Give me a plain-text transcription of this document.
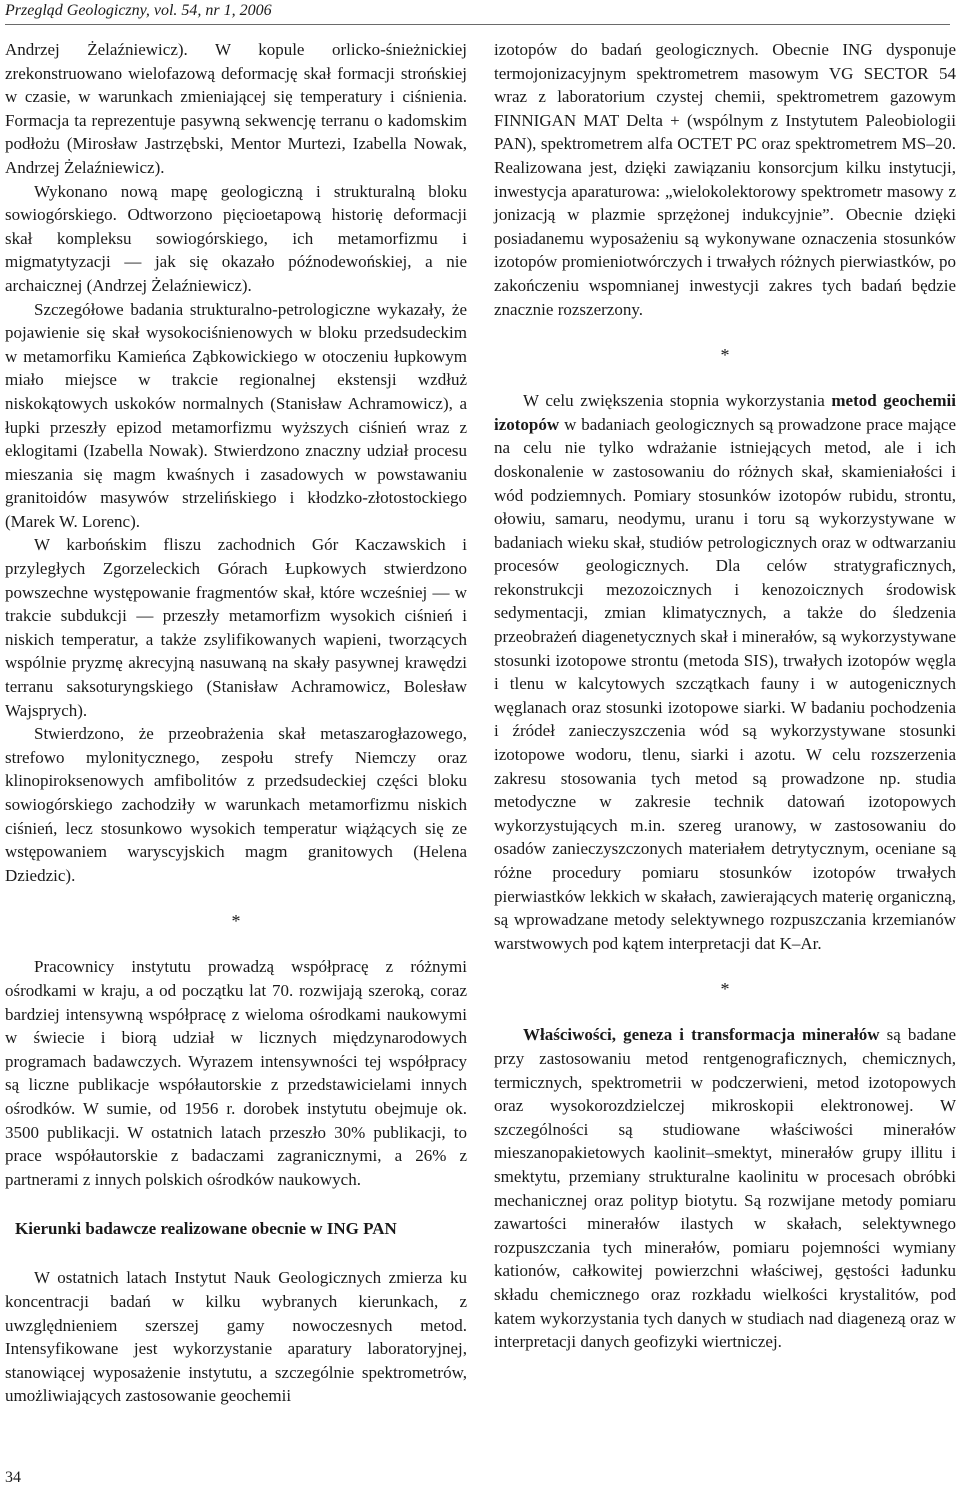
Przegląd Geologiczny, vol. 54, nr 1, 2006

Andrzej Żelaźniewicz). W kopule orlicko-śnieżnickiej zrekonstruowano wielofazową deformację skał formacji strońskiej w czasie, w warunkach zmieniającej się temperatury i ciśnienia. Formacja ta reprezentuje pasywną sekwencję terranu o kadomskim podłożu (Mirosław Jastrzębski, Mentor Murtezi, Izabella Nowak, Andrzej Żelaźniewicz).

Wykonano nową mapę geologiczną i strukturalną bloku sowiogórskiego. Odtworzono pięcioetapową historię deformacji skał kompleksu sowiogórskiego, ich metamorfizmu i migmatytyzacji — jak się okazało późnodewońskiej, a nie archaicznej (Andrzej Żelaźniewicz).

Szczegółowe badania strukturalno-petrologiczne wykazały, że pojawienie się skał wysokociśnienowych w bloku przedsudeckim w metamorfiku Kamieńca Ząbkowickiego w otoczeniu łupkowym miało miejsce w trakcie regionalnej ekstensji wzdłuż niskokątowych uskoków normalnych (Stanisław Achramowicz), a łupki przeszły epizod metamorfizmu wyższych ciśnień wraz z eklogitami (Izabella Nowak). Stwierdzono znaczny udział procesu mieszania się magm kwaśnych i zasadowych w powstawaniu granitoidów masywów strzelińskiego i kłodzko-złotostockiego (Marek W. Lorenc).

W karbońskim fliszu zachodnich Gór Kaczawskich i przyległych Zgorzeleckich Górach Łupkowych stwierdzono powszechne występowanie fragmentów skał, które wcześniej — w trakcie subdukcji — przeszły metamorfizm wysokich ciśnień i niskich temperatur, a także zsylifikowanych wapieni, tworzących wspólnie pryzmę akrecyjną nasuwaną na skały pasywnej krawędzi terranu saksoturyngskiego (Stanisław Achramowicz, Bolesław Wajsprych).

Stwierdzono, że przeobrażenia skał metaszarogłazowego, strefowo mylonitycznego, zespołu strefy Niemczy oraz klinopiroksenowych amfibolitów z przedsudeckiej części bloku sowiogórskiego zachodziły w warunkach metamorfizmu niskich ciśnień, lecz stosunkowo wysokich temperatur wiążących się ze wstępowaniem waryscyjskich magm granitowych (Helena Dziedzic).

*

Pracownicy instytutu prowadzą współpracę z różnymi ośrodkami w kraju, a od początku lat 70. rozwijają szeroką, coraz bardziej intensywną współpracę z wieloma ośrodkami naukowymi w świecie i biorą udział w licznych międzynarodowych programach badawczych. Wyrazem intensywności tej współpracy są liczne publikacje współautorskie z przedstawicielami innych ośrodków. W sumie, od 1956 r. dorobek instytutu obejmuje ok. 3500 publikacji. W ostatnich latach przeszło 30% publikacji, to prace współautorskie z badaczami zagranicznymi, a 26% z partnerami z innych polskich ośrodków naukowych.

Kierunki badawcze realizowane obecnie w ING PAN

W ostatnich latach Instytut Nauk Geologicznych zmierza ku koncentracji badań w kilku wybranych kierunkach, z uwzględnieniem szerszej gamy nowoczesnych metod. Intensyfikowane jest wykorzystanie aparatury laboratoryjnej, stanowiącej wyposażenie instytutu, a szczególnie spektrometrów, umożliwiających zastosowanie geochemii

izotopów do badań geologicznych. Obecnie ING dysponuje termojonizacyjnym spektrometrem masowym VG SECTOR 54 wraz z laboratorium czystej chemii, spektrometrem gazowym FINNIGAN MAT Delta + (wspólnym z Instytutem Paleobiologii PAN), spektrometrem alfa OCTET PC oraz spektrometrem MS–20. Realizowana jest, dzięki zawiązaniu konsorcjum kilku instytucji, inwestycja aparaturowa: „wielokolektorowy spektrometr masowy z jonizacją w plazmie sprzężonej indukcyjnie”. Obecnie dzięki posiadanemu wyposażeniu są wykonywane oznaczenia stosunków izotopów promieniotwórczych i trwałych różnych pierwiastków, po zakończeniu wspomnianej inwestycji zakres tych badań będzie znacznie rozszerzony.

*

W celu zwiększenia stopnia wykorzystania metod geochemii izotopów w badaniach geologicznych są prowadzone prace mające na celu nie tylko wdrażanie istniejących metod, ale i ich doskonalenie w zastosowaniu do różnych skał, skamieniałości i wód podziemnych. Pomiary stosunków izotopów rubidu, strontu, ołowiu, samaru, neodymu, uranu i toru są wykorzystywane w badaniach wieku skał, studiów petrologicznych oraz w odtwarzaniu procesów geologicznych. Dla celów stratygraficznych, rekonstrukcji mezozoicznych i kenozoicznych środowisk sedymentacji, zmian klimatycznych, a także do śledzenia przeobrażeń diagenetycznych skał i minerałów, są wykorzystywane stosunki izotopowe strontu (metoda SIS), trwałych izotopów węgla i tlenu w kalcytowych szczątkach fauny i w autogenicznych węglanach oraz stosunki izotopowe siarki. W badaniu pochodzenia i źródeł zanieczyszczenia wód są wykorzystywane stosunki izotopowe wodoru, tlenu, siarki i azotu. W celu rozszerzenia zakresu stosowania tych metod są prowadzone np. studia metodyczne w zakresie technik datowań izotopowych wykorzystujących m.in. szereg uranowy, w zastosowaniu do osadów zanieczyszczonych materiałem detrytycznym, oceniane są różne procedury pomiaru stosunków izotopów trwałych pierwiastków lekkich w skałach, zawierających materię organiczną, są wprowadzane metody selektywnego rozpuszczania krzemianów warstwowych pod kątem interpretacji dat K–Ar.

*

Właściwości, geneza i transformacja minerałów są badane przy zastosowaniu metod rentgenograficznych, chemicznych, termicznych, spektrometrii w podczerwieni, metod izotopowych oraz wysokorozdzielczej mikroskopii elektronowej. W szczególności są studiowane właściwości minerałów mieszanopakietowych kaolinit–smektyt, minerałów grupy illitu i smektytu, przemiany strukturalne kaolinitu w procesach obróbki mechanicznej oraz polityp biotytu. Są rozwijane metody pomiaru zawartości minerałów ilastych w skałach, selektywnego rozpuszczania tych minerałów, pomiaru pojemności wymiany kationów, całkowitej powierzchni właściwej, gęstości ładunku składu chemicznego oraz rozkładu wielkości krystalitów, pod katem wykorzystania tych danych w studiach nad diagenezą oraz w interpretacji danych geofizyki wiertniczej.

34
